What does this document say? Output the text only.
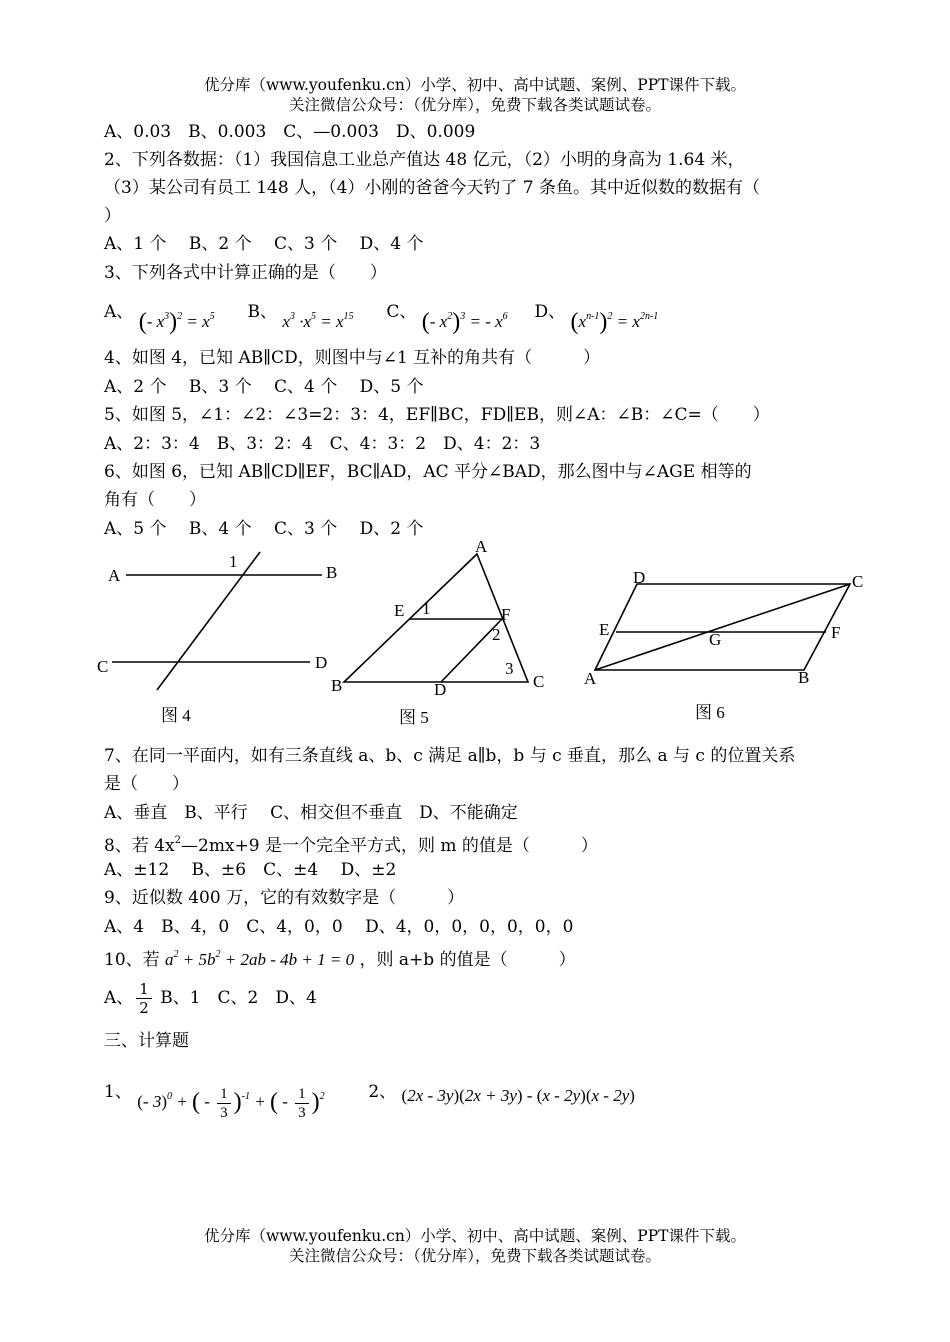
优分库（www.youfenku.cn）小学、初中、高中试题、案例、PPT课件下载。
关注微信公众号：（优分库），免费下载各类试题试卷。
A、0.03　B、0.003　C、—0.003　D、0.009
2、下列各数据：（1）我国信息工业总产值达 48 亿元，（2）小明的身高为 1.64 米，
（3）某公司有员工 148 人，（4）小刚的爸爸今天钓了 7 条鱼。其中近似数的数据有（
）
A、1 个　 B、2 个　 C、3 个　 D、4 个
3、下列各式中计算正确的是（　　）
A、 (- $x^3)^2 = x^5$ B、 $x^3 \cdot x^5 = x^{15}$ C、 (- $x^2)^3$ = - $x^6$ D、 $(x^{n-1})^2 = x^{2n-1}$
4、如图 4，已知 AB∥CD，则图中与∠1 互补的角共有（　　　）
A、2 个　 B、3 个　 C、4 个　 D、5 个
5、如图 5，∠1：∠2：∠3=2：3：4，EF∥BC，FD∥EB，则∠A：∠B：∠C=（　　）
A、2：3：4　B、3：2：4　C、4：3：2　D、4：2：3
6、如图 6，已知 AB∥CD∥EF，BC∥AD，AC 平分∠BAD，那么图中与∠AGE 相等的
角有（　　）
A、5 个　 B、4 个　 C、3 个　 D、2 个
A	B
C	D
1
图 4
A
B	C
D
E	F
1
2
3
图 5
A	B
C
D
E	F
G
图 6
7、在同一平面内，如有三条直线 a、b、c 满足 a∥b，b 与 c 垂直，那么 a 与 c 的位置关系
是（　　）
A、垂直　B、平行　 C、相交但不垂直　D、不能确定
8、若 $4x^2—2mx+9$ 是一个完全平方式，则 m 的值是（　　　）
A、±12　 B、±6　C、±4　 D、±2
9、近似数 400 万，它的有效数字是（　　　）
A、4　B、4，0　C、4，0，0　 D、4，0，0，0，0，0，0
10、若 $a^2 + 5b^2 + 2ab - 4b + 1 = 0$ ，则 a+b 的值是（　　　）
A、 $\frac{1}{2}$ B、1　C、2　D、4
三、计算题
1、 (- 3)$^0$ + ( - $\frac{1}{3} )^{-1}$ + ( - $\frac{1}{3} )^2$	2、 (2x - 3y)(2x + 3y) - (x - 2y)(x - 2y)
优分库（www.youfenku.cn）小学、初中、高中试题、案例、PPT课件下载。
关注微信公众号：（优分库），免费下载各类试题试卷。
